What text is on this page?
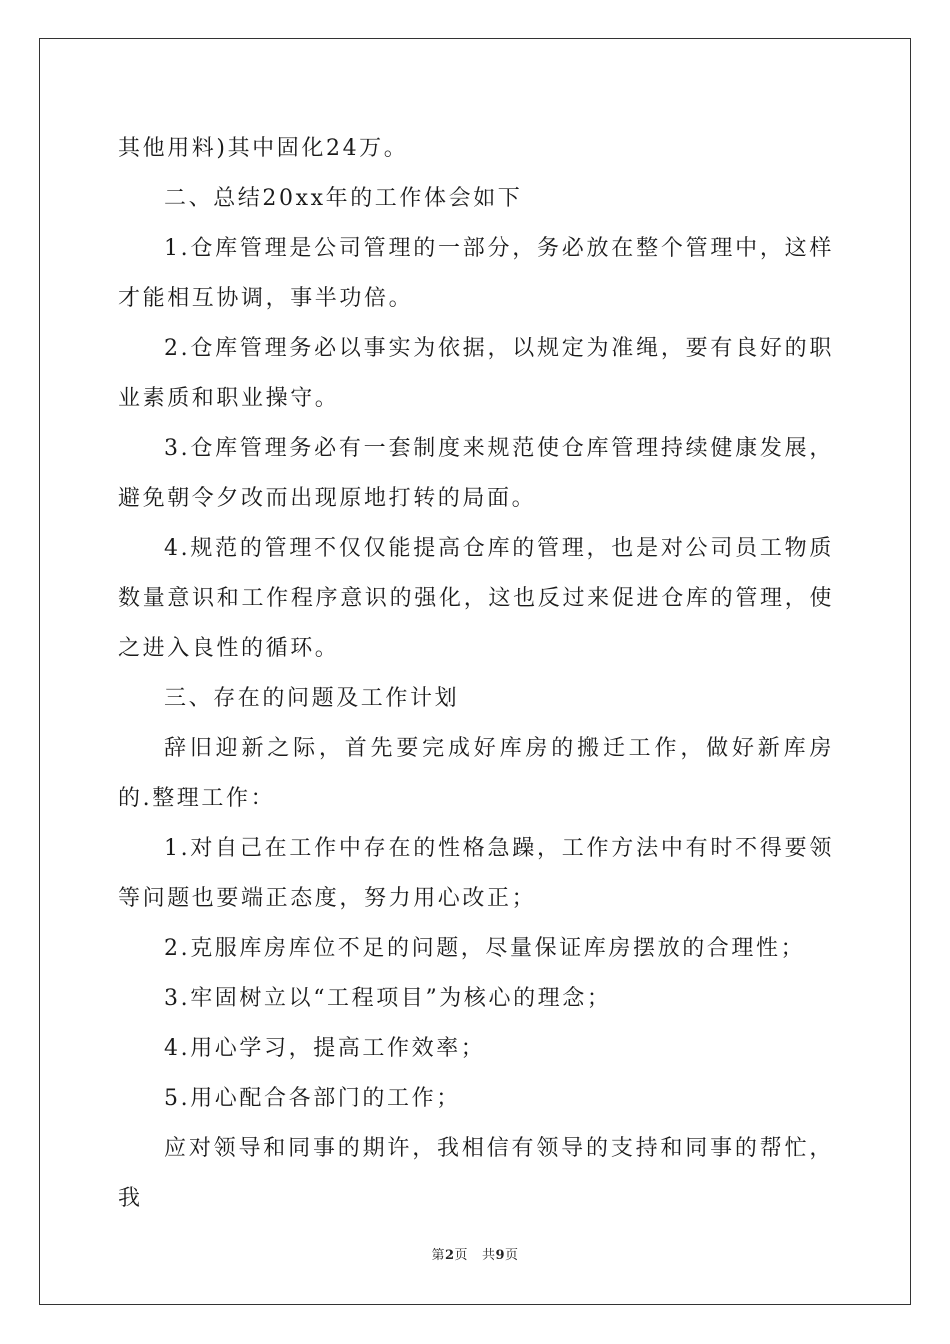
其他用料)其中固化24万。

二、总结20xx年的工作体会如下

1.仓库管理是公司管理的一部分，务必放在整个管理中，这样才能相互协调，事半功倍。

2.仓库管理务必以事实为依据，以规定为准绳，要有良好的职业素质和职业操守。

3.仓库管理务必有一套制度来规范使仓库管理持续健康发展，避免朝令夕改而出现原地打转的局面。

4.规范的管理不仅仅能提高仓库的管理，也是对公司员工物质数量意识和工作程序意识的强化，这也反过来促进仓库的管理，使之进入良性的循环。

三、存在的问题及工作计划

辞旧迎新之际，首先要完成好库房的搬迁工作，做好新库房的.整理工作：

1.对自己在工作中存在的性格急躁，工作方法中有时不得要领等问题也要端正态度，努力用心改正；

2.克服库房库位不足的问题，尽量保证库房摆放的合理性；

3.牢固树立以“工程项目”为核心的理念；

4.用心学习，提高工作效率；

5.用心配合各部门的工作；

应对领导和同事的期许，我相信有领导的支持和同事的帮忙，我

第2页 共9页
